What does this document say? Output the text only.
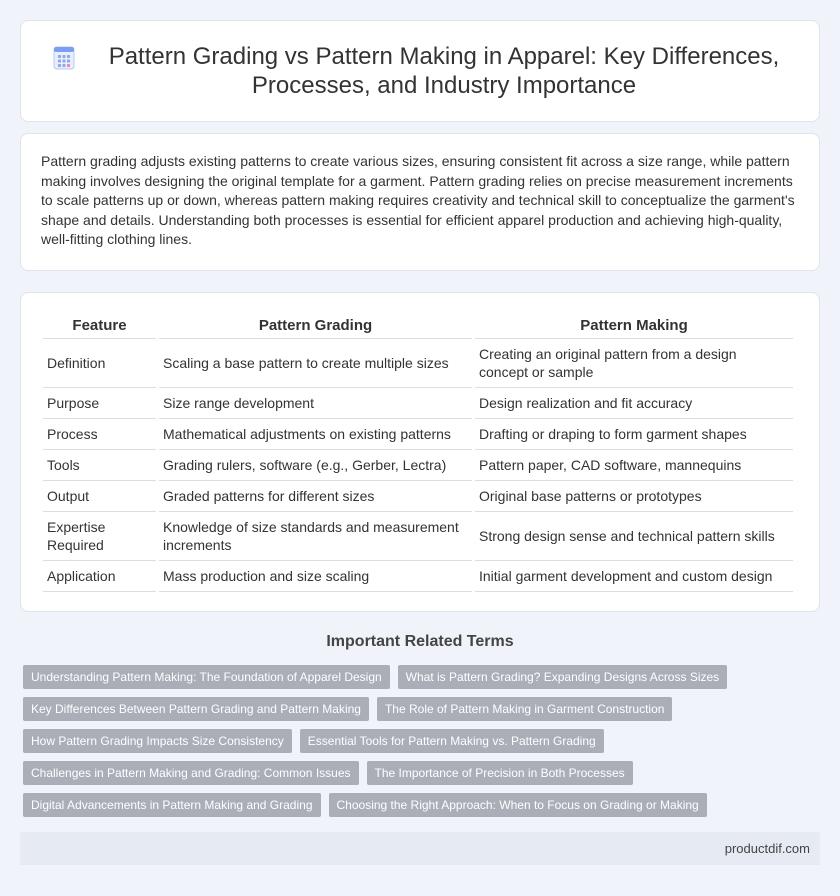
Pattern Grading vs Pattern Making in Apparel: Key Differences, Processes, and Industry Importance

Pattern grading adjusts existing patterns to create various sizes, ensuring consistent fit across a size range, while pattern making involves designing the original template for a garment. Pattern grading relies on precise measurement increments to scale patterns up or down, whereas pattern making requires creativity and technical skill to conceptualize the garment's shape and details. Understanding both processes is essential for efficient apparel production and achieving high-quality, well-fitting clothing lines.

Feature	Pattern Grading	Pattern Making
Definition	Scaling a base pattern to create multiple sizes	Creating an original pattern from a design concept or sample
Purpose	Size range development	Design realization and fit accuracy
Process	Mathematical adjustments on existing patterns	Drafting or draping to form garment shapes
Tools	Grading rulers, software (e.g., Gerber, Lectra)	Pattern paper, CAD software, mannequins
Output	Graded patterns for different sizes	Original base patterns or prototypes
Expertise Required	Knowledge of size standards and measurement increments	Strong design sense and technical pattern skills
Application	Mass production and size scaling	Initial garment development and custom design
Important Related Terms
Understanding Pattern Making: The Foundation of Apparel Design	What is Pattern Grading? Expanding Designs Across Sizes
Key Differences Between Pattern Grading and Pattern Making	The Role of Pattern Making in Garment Construction
How Pattern Grading Impacts Size Consistency	Essential Tools for Pattern Making vs. Pattern Grading
Challenges in Pattern Making and Grading: Common Issues	The Importance of Precision in Both Processes
Digital Advancements in Pattern Making and Grading	Choosing the Right Approach: When to Focus on Grading or Making
productdif.com
